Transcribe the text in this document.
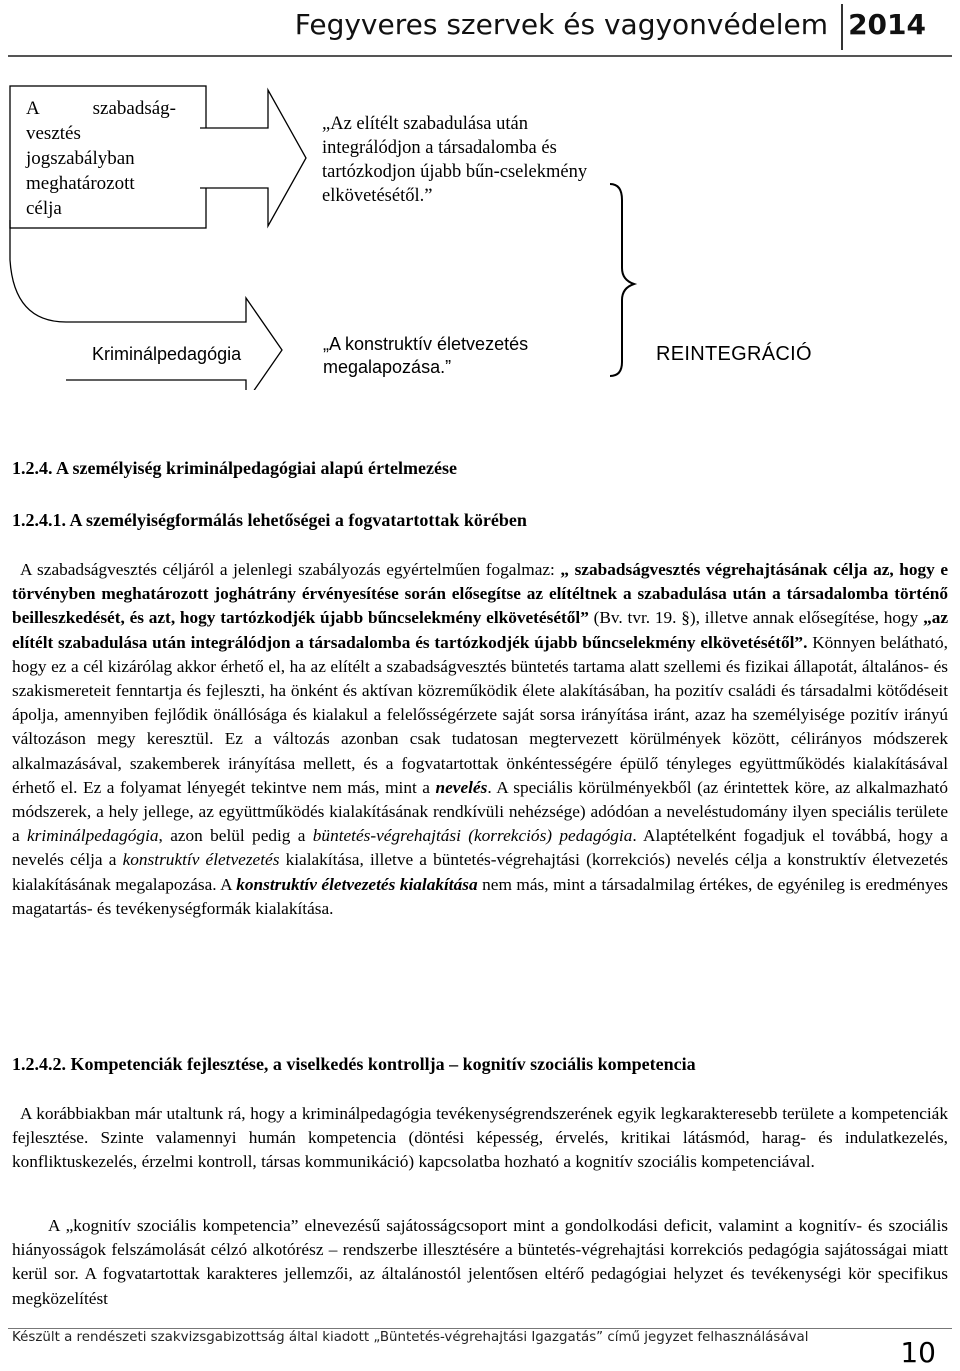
Fegyveres szervek és vagyonvédelem 2014
A	szabadság-
vesztés
jogszabályban
meghatározott
célja
„Az elítélt szabadulása után integrálódjon a társadalomba és tartózkodjon újabb bűn-cselekmény elkövetésétől.”
Kriminálpedagógia	„A konstruktív életvezetés megalapozása.”
REINTEGRÁCIÓ
1.2.4. A személyiség kriminálpedagógiai alapú értelmezése
1.2.4.1. A személyiségformálás lehetőségei a fogvatartottak körében

A szabadságvesztés céljáról a jelenlegi szabályozás egyértelműen fogalmaz: „ szabadságvesztés végrehajtásának célja az, hogy e törvényben meghatározott joghátrány érvényesítése során elősegítse az elítéltnek a szabadulása után a társadalomba történő beilleszkedését, és azt, hogy tartózkodjék újabb bűncselekmény elkövetésétől” (Bv. tvr. 19. §), illetve annak elősegítése, hogy „az elítélt szabadulása után integrálódjon a társadalomba és tartózkodjék újabb bűncselekmény elkövetésétől”. Könnyen belátható, hogy ez a cél kizárólag akkor érhető el, ha az elítélt a szabadságvesztés büntetés tartama alatt szellemi és fizikai állapotát, általános- és szakismereteit fenntartja és fejleszti, ha önként és aktívan közreműködik élete alakításában, ha pozitív családi és társadalmi kötődéseit ápolja, amennyiben fejlődik önállósága és kialakul a felelősségérzete saját sorsa irányítása iránt, azaz ha személyisége pozitív irányú változáson megy keresztül. Ez a változás azonban csak tudatosan megtervezett körülmények között, célirányos módszerek alkalmazásával, szakemberek irányítása mellett, és a fogvatartottak önkéntességére épülő tényleges együttműködés kialakításával érhető el. Ez a folyamat lényegét tekintve nem más, mint a nevelés. A speciális körülményekből (az érintettek köre, az alkalmazható módszerek, a hely jellege, az együttműködés kialakításának rendkívüli nehézsége) adódóan a neveléstudomány ilyen speciális területe a kriminálpedagógia, azon belül pedig a büntetés-végrehajtási (korrekciós) pedagógia. Alaptételként fogadjuk el továbbá, hogy a nevelés célja a konstruktív életvezetés kialakítása, illetve a büntetés-végrehajtási (korrekciós) nevelés célja a konstruktív életvezetés kialakításának megalapozása. A konstruktív életvezetés kialakítása nem más, mint a társadalmilag értékes, de egyénileg is eredményes magatartás- és tevékenységformák kialakítása.

1.2.4.2. Kompetenciák fejlesztése, a viselkedés kontrollja – kognitív szociális kompetencia

A korábbiakban már utaltunk rá, hogy a kriminálpedagógia tevékenységrendszerének egyik legkarakteresebb területe a kompetenciák fejlesztése. Szinte valamennyi humán kompetencia (döntési képesség, érvelés, kritikai látásmód, harag- és indulatkezelés, konfliktuskezelés, érzelmi kontroll, társas kommunikáció) kapcsolatba hozható a kognitív szociális kompetenciával.

A „kognitív szociális kompetencia” elnevezésű sajátosságcsoport mint a gondolkodási deficit, valamint a kognitív- és szociális hiányosságok felszámolását célzó alkotórész – rendszerbe illesztésére a büntetés-végrehajtási korrekciós pedagógia sajátosságai miatt kerül sor. A fogvatartottak karakteres jellemzői, az általánostól jelentősen eltérő pedagógiai helyzet és tevékenységi kör specifikus megközelítést

Készült a rendészeti szakvizsgabizottság által kiadott „Büntetés-végrehajtási Igazgatás” című jegyzet felhasználásával	10
